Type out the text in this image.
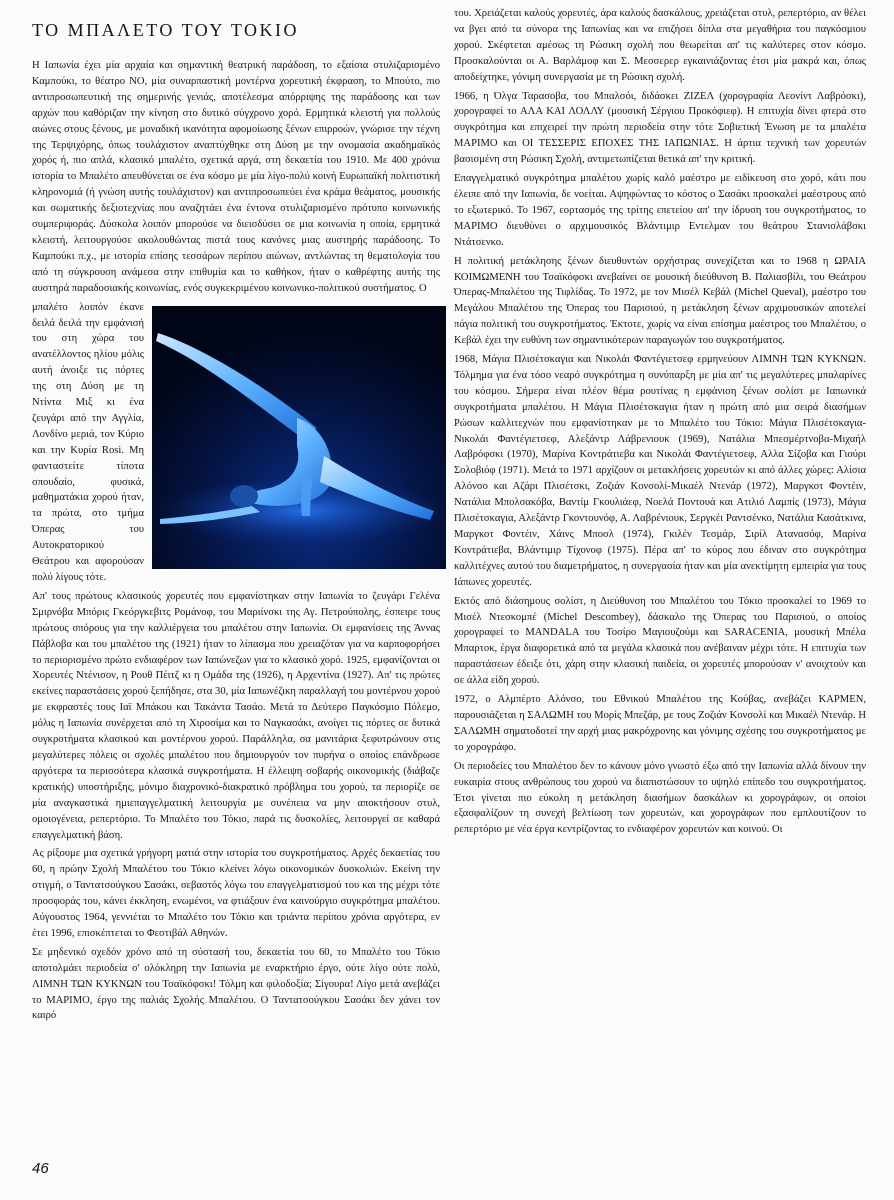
ΤΟ ΜΠΑΛΕΤΟ ΤΟΥ ΤΟΚΙΟ

Η Ιαπωνία έχει μία αρχαία και σημαντική θεατρική παράδοση, το εξαίσια στυλιζαρισμένο Καμπούκι, το θέατρο ΝΟ, μία συναρπαστική μοντέρνα χορευτική έκφραση, το Μπούτο, πιο αντιπροσωπευτική της σημερινής γενιάς, αποτέλεσμα απόρριψης της παράδοσης και των αρχών που καθόριζαν την κίνηση στο δυτικό σύγχρονο χορό. Ερμητικά κλειστή για πολλούς αιώνες στους ξένους, με μοναδική ικανότητα αφομοίωσης ξένων επιρροών, γνώρισε την τέχνη της Τερψιχόρης, όπως τουλάχιστον αναπτύχθηκε στη Δύση με την ονομασία ακαδημαϊκός χορός ή, πιο απλά, κλασικό μπαλέτο, σχετικά αργά, στη δεκαετία του 1910. Με 400 χρόνια ιστορία το Μπαλέτο απευθύνεται σε ένα κόσμο με μία λίγο-πολύ κοινή Ευρωπαϊκή πολιτιστική κληρονομιά (ή γνώση αυτής τουλάχιστον) και αντιπροσωπεύει ένα κράμα θεάματος, μουσικής και σωματικής δεξιοτεχνίας που αναζητάει ένα έντονα στυλιζαρισμένο πρότυπο κοινωνικής συμπεριφοράς. Δύσκολα λοιπόν μπορούσε να διεισδύσει σε μια κοινωνία η οποία, ερμητικά κλειστή, λειτουργούσε ακολουθώντας πιστά τους κανόνες μιας αυστηρής παράδοσης. Το Καμπούκι π.χ., με ιστορία επίσης τεσσάρων περίπου αιώνων, αντλώντας τη θεματολογία του από τη σύγκρουση ανάμεσα στην επιθυμία και το καθήκον, ήταν ο καθρέφτης αυτής της αυστηρά παραδοσιακής κοινωνίας, ενός συγκεκριμένου κοινωνικο-πολιτικού συστήματος. Ο

μπαλέτο λοιπόν έκανε δειλά δειλά την εμφάνισή του στη χώρα του ανατέλλοντος ηλίου μόλις αυτή άνοιξε τις πόρτες της στη Δύση με τη Ντίντα Μιξ κι ένα ζευγάρι από την Αγγλία, Λονδίνο μεριά, τον Κύριο και την Κυρία Rosi. Μη φανταστείτε τίποτα σπουδαίο, φυσικά, μαθηματάκια χορού ήταν, τα πρώτα, στο τμήμα Όπερας του Αυτοκρατορικού Θεάτρου και αφορούσαν πολύ λίγους τότε.

Απ' τους πρώτους κλασικούς χορευτές που εμφανίστηκαν στην Ιαπωνία το ζευγάρι Γελένα Σμιρνόβα Μπόρις Γκεόργκεβιτς Ρομάνοφ, του Μαριίνσκι της Αγ. Πετρούπολης, έσπειρε τους πρώτους σπόρους για την καλλιέργεια του μπαλέτου στην Ιαπωνία. Οι εμφανίσεις της Άννας Πάβλοβα και του μπαλέτου της (1921) ήταν το λίπασμα που χρειαζόταν για να καρποφορήσει το περιορισμένο πρώτο ενδιαφέρον των Ιαπώνεζων για το κλασικό χορό. 1925, εμφανίζονται οι Χορευτές Ντένισον, η Ρουθ Πέιτζ κι η Ομάδα της (1926), η Αρχεντίνα (1927). Απ' τις πρώτες εκείνες παραστάσεις χορού ξεπήδησε, στα 30, μία Ιαπωνέζικη παραλλαγή του μοντέρνου χορού με εκφραστές τους Ιαϊ Μπάκου και Τακάντα Τασάο. Μετά το Δεύτερο Παγκόσμιο Πόλεμο, μόλις η Ιαπωνία συνέρχεται από τη Χιροσίμα και το Ναγκασάκι, ανοίγει τις πόρτες σε δυτικά συγκροτήματα κλασικού και μοντέρνου χορού. Παράλληλα, σα μανιτάρια ξεφυτρώνουν στις μεγαλύτερες πόλεις οι σχολές μπαλέτου που δημιουργούν τον πυρήνα ο οποίος επάνδρωσε αργότερα τα περισσότερα κλασικά συγκροτήματα. Η έλλειψη σοβαρής οικονομικής (διάβαζε κρατικής) υποστήριξης, μόνιμο διαχρονικό-διακρατικό πρόβλημα του χορού, τα περιορίζε σε μία αναγκαστικά ημιεπαγγελματική λειτουργία με συνέπεια να μην αποκτήσουν στυλ, ομοιογένεια, ρεπερτόριο. Το Μπαλέτο του Τόκιο, παρά τις δυσκολίες, λειτουργεί σε καθαρά επαγγελματική βάση.

Ας ρίξουμε μια σχετικά γρήγορη ματιά στην ιστορία του συγκροτήματος. Αρχές δεκαετίας του 60, η πρώην Σχολή Μπαλέτου του Τόκιο κλείνει λόγω οικονομικών δυσκολιών. Εκείνη την στιγμή, ο Ταντατσούγκου Σασάκι, σεβαστός λόγω του επαγγελματισμού του και της μέχρι τότε προσφοράς του, κάνει έκκληση, ενωμένοι, να φτιάξουν ένα καινούργιο συγκρότημα μπαλέτου. Αύγουστος 1964, γεννιέται το Μπαλέτο του Τόκιο και τριάντα περίπου χρόνια αργότερα, εν έτει 1996, επισκέπτεται το Φεστιβάλ Αθηνών.

Σε μηδενικό σχεδόν χρόνο από τη σύστασή του, δεκαετία του 60, το Μπαλέτο του Τόκιο αποτολμάει περιοδεία σ' ολόκληρη την Ιαπωνία με εναρκτήριο έργο, ούτε λίγο ούτε πολύ, ΛΙΜΝΗ ΤΩΝ ΚΥΚΝΩΝ του Τσαϊκόφσκι! Τόλμη και φιλοδοξία; Σίγουρα! Λίγο μετά ανεβάζει το ΜΑΡΙΜΟ, έργο της παλιάς Σχολής Μπαλέτου. Ο Ταντατσούγκου Σασάκι δεν χάνει τον καιρό

του. Χρειάζεται καλούς χορευτές, άρα καλούς δασκάλους, χρειάζεται στυλ, ρεπερτόριο, αν θέλει να βγει από τα σύνορα της Ιαπωνίας και να επιζήσει δίπλα στα μεγαθήρια του παγκόσμιου χορού. Σκέφτεται αμέσως τη Ρώσικη σχολή που θεωρείται απ' τις καλύτερες στον κόσμο. Προσκαλούνται οι Α. Βαρλάμοφ και Σ. Μεσσερερ εγκαινιάζοντας έτσι μία μακρά και, όπως αποδείχτηκε, γόνιμη συνεργασία με τη Ρώσικη σχολή.

1966, η Όλγα Ταρασοβα, του Μπαλσόι, διδάσκει ΖΙΖΕΛ (χορογραφία Λεονίντ Λαβρόσκι), χορογραφεί το ΑΛΑ ΚΑΙ ΛΟΛΛΥ (μουσική Σέργιου Προκόφιεφ). Η επιτυχία δίνει φτερά στο συγκρότημα και επιχειρεί την πρώτη περιοδεία στην τότε Σοβιετική Ένωση με τα μπαλέτα ΜΑΡΙΜΟ και ΟΙ ΤΕΣΣΕΡΙΣ ΕΠΟΧΕΣ ΤΗΣ ΙΑΠΩΝΙΑΣ. Η άρτια τεχνική των χορευτών βασισμένη στη Ρώσικη Σχολή, αντιμετωπίζεται θετικά απ' την κριτική.

Επαγγελματικό συγκρότημα μπαλέτου χωρίς καλό μαέστρο με ειδίκευση στο χορό, κάτι που έλειπε από την Ιαπωνία, δε νοείται. Αψηφώντας το κόστος ο Σασάκι προσκαλεί μαέστρους από το εξωτερικό. Το 1967, εορτασμός της τρίτης επετείου απ' την ίδρυση του συγκροτήματος, το ΜΑΡΙΜΟ διευθύνει ο αρχιμουσικός Βλάντιμιρ Εντελμαν του θεάτρου Στανισλάβσκι Ντάτσενκο.

Η πολιτική μετάκλησης ξένων διευθυντών ορχήστρας συνεχίζεται και το 1968 η ΩΡΑΙΑ ΚΟΙΜΩΜΕΝΗ του Τσαϊκόφσκι ανεβαίνει σε μουσική διεύθυνση Β. Παλιασβίλι, του Θεάτρου Όπερας-Μπαλέτου της Τιφλίδας. Το 1972, με τον Μισέλ Κεβάλ (Michel Queval), μαέστρο του Μεγάλου Μπαλέτου της Όπερας του Παρισιού, η μετάκληση ξένων αρχιμουσικών αποτελεί πάγια πολιτική του συγκροτήματος. Έκτοτε, χωρίς να είναι επίσημα μαέστρος του Μπαλέτου, ο Κεβάλ έχει την ευθύνη των σημαντικότερων παραγωγών του συγκροτήματος.

1968, Μάγια Πλισέτσκαγια και Νικολάι Φαντέγιετσεφ ερμηνεύουν ΛΙΜΝΗ ΤΩΝ ΚΥΚΝΩΝ. Τόλμημα για ένα τόσο νεαρό συγκρότημα η συνύπαρξη με μία απ' τις μεγαλύτερες μπαλαρίνες του κόσμου. Σήμερα είναι πλέον θέμα ρουτίνας η εμφάνιση ξένων σολίστ με Ιαπωνικά συγκροτήματα μπαλέτου. Η Μάγια Πλισέτσκαγια ήταν η πρώτη από μια σειρά διασήμων Ρώσων καλλιτεχνών που εμφανίστηκαν με το Μπαλέτο του Τόκιο: Μάγια Πλισέτσκαγια-Νικολάι Φαντέγιετσεφ, Αλεξάντρ Λάβρενιουκ (1969), Νατάλια Μπεσμέρτνοβα-Μιχαήλ Λαβρόφσκι (1970), Μαρίνα Κοντράτιεβα και Νικολάι Φαντέγιετσεφ, Αλλα Σίζοβα και Γιούρι Σολοβιόφ (1971). Μετά το 1971 αρχίζουν οι μετακλήσεις χορευτών κι από άλλες χώρες: Αλίσια Αλόνσο και Αζάρι Πλισέτσκι, Ζοζιάν Κονσολί-Μικαέλ Ντενάρ (1972), Μαργκοτ Φοντέιν, Νατάλια Μπολσακόβα, Βαντίμ Γκουλιάεφ, Νοελά Ποντουά και Ατιλιό Λαμπίς (1973), Μάγια Πλισέτσκαγια, Αλεξάντρ Γκοντουνόφ, Α. Λαβρένιουκ, Σεργκέι Ραντσένκο, Νατάλια Κασάτκινα, Μαργκοτ Φοντέιν, Χάινς Μποσλ (1974), Γκιλέν Τεσμάρ, Σιρίλ Ατανασόφ, Μαρίνα Κοντράτιεβα, Βλάντιμιρ Τίχονοφ (1975). Πέρα απ' το κύρος που έδιναν στο συγκρότημα καλλιτέχνες αυτού του διαμετρήματος, η συνεργασία ήταν και μία ανεκτίμητη εμπειρία για τους Ιάπωνες χορευτές.

Εκτός από διάσημους σολίστ, η Διεύθυνση του Μπαλέτου του Τόκιο προσκαλεί το 1969 το Μισέλ Ντεσκομπέ (Michel Descombey), δάσκαλο της Όπερας του Παρισιού, ο οποίος χορογραφεί το MANDALA του Τοσίρο Μαγιουζούμι και SARACENIA, μουσική Μπέλα Μπαρτοκ, έργα διαφορετικά από τα μεγάλα κλασικά που ανέβαιναν μέχρι τότε. Η επιτυχία των παραστάσεων έδειξε ότι, χάρη στην κλασική παιδεία, οι χορευτές μπορούσαν ν' ανοιχτούν και σε άλλα είδη χορού.

1972, ο Αλμπέρτο Αλόνσο, του Εθνικού Μπαλέτου της Κούβας, ανεβάζει ΚΑΡΜΕΝ, παρουσιάζεται η ΣΑΛΩΜΗ του Μορίς Μπεζάρ, με τους Ζοζιάν Κονσολί και Μικαέλ Ντενάρ. Η ΣΑΛΩΜΗ σηματοδοτεί την αρχή μιας μακρόχρονης και γόνιμης σχέσης του συγκροτήματος με το χορογράφο.

Οι περιοδείες του Μπαλέτου δεν το κάνουν μόνο γνωστό έξω από την Ιαπωνία αλλά δίνουν την ευκαιρία στους ανθρώπους του χορού να διαπιστώσουν το υψηλό επίπεδο του συγκροτήματος. Έτσι γίνεται πιο εύκολη η μετάκληση διασήμων δασκάλων κι χορογράφων, οι οποίοι εξασφαλίζουν τη συνεχή βελτίωση των χορευτών, και χορογράφων που εμπλουτίζουν το ρεπερτόριο με νέα έργα κεντρίζοντας το ενδιαφέρον χορευτών και κοινού. Οι

46
